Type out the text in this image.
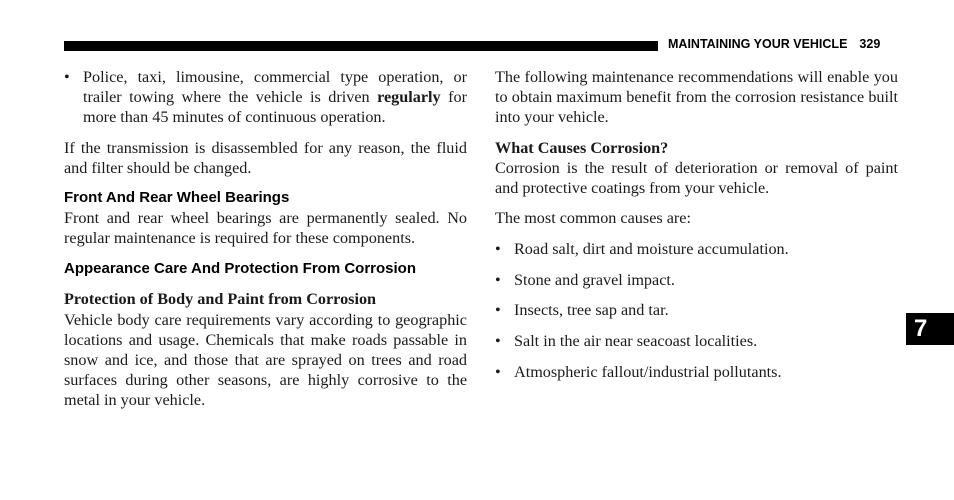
MAINTAINING YOUR VEHICLE 329
• Police, taxi, limousine, commercial type operation, or trailer towing where the vehicle is driven regularly for more than 45 minutes of continuous operation.

If the transmission is disassembled for any reason, the fluid and filter should be changed.

Front And Rear Wheel Bearings

Front and rear wheel bearings are permanently sealed. No regular maintenance is required for these components.

Appearance Care And Protection From Corrosion
Protection of Body and Paint from Corrosion

Vehicle body care requirements vary according to geographic locations and usage. Chemicals that make roads passable in snow and ice, and those that are sprayed on trees and road surfaces during other seasons, are highly corrosive to the metal in your vehicle.

The following maintenance recommendations will enable you to obtain maximum benefit from the corrosion resistance built into your vehicle.

What Causes Corrosion?

Corrosion is the result of deterioration or removal of paint and protective coatings from your vehicle.

The most common causes are:

• Road salt, dirt and moisture accumulation.
• Stone and gravel impact.
• Insects, tree sap and tar.
• Salt in the air near seacoast localities.
• Atmospheric fallout/industrial pollutants.
7
